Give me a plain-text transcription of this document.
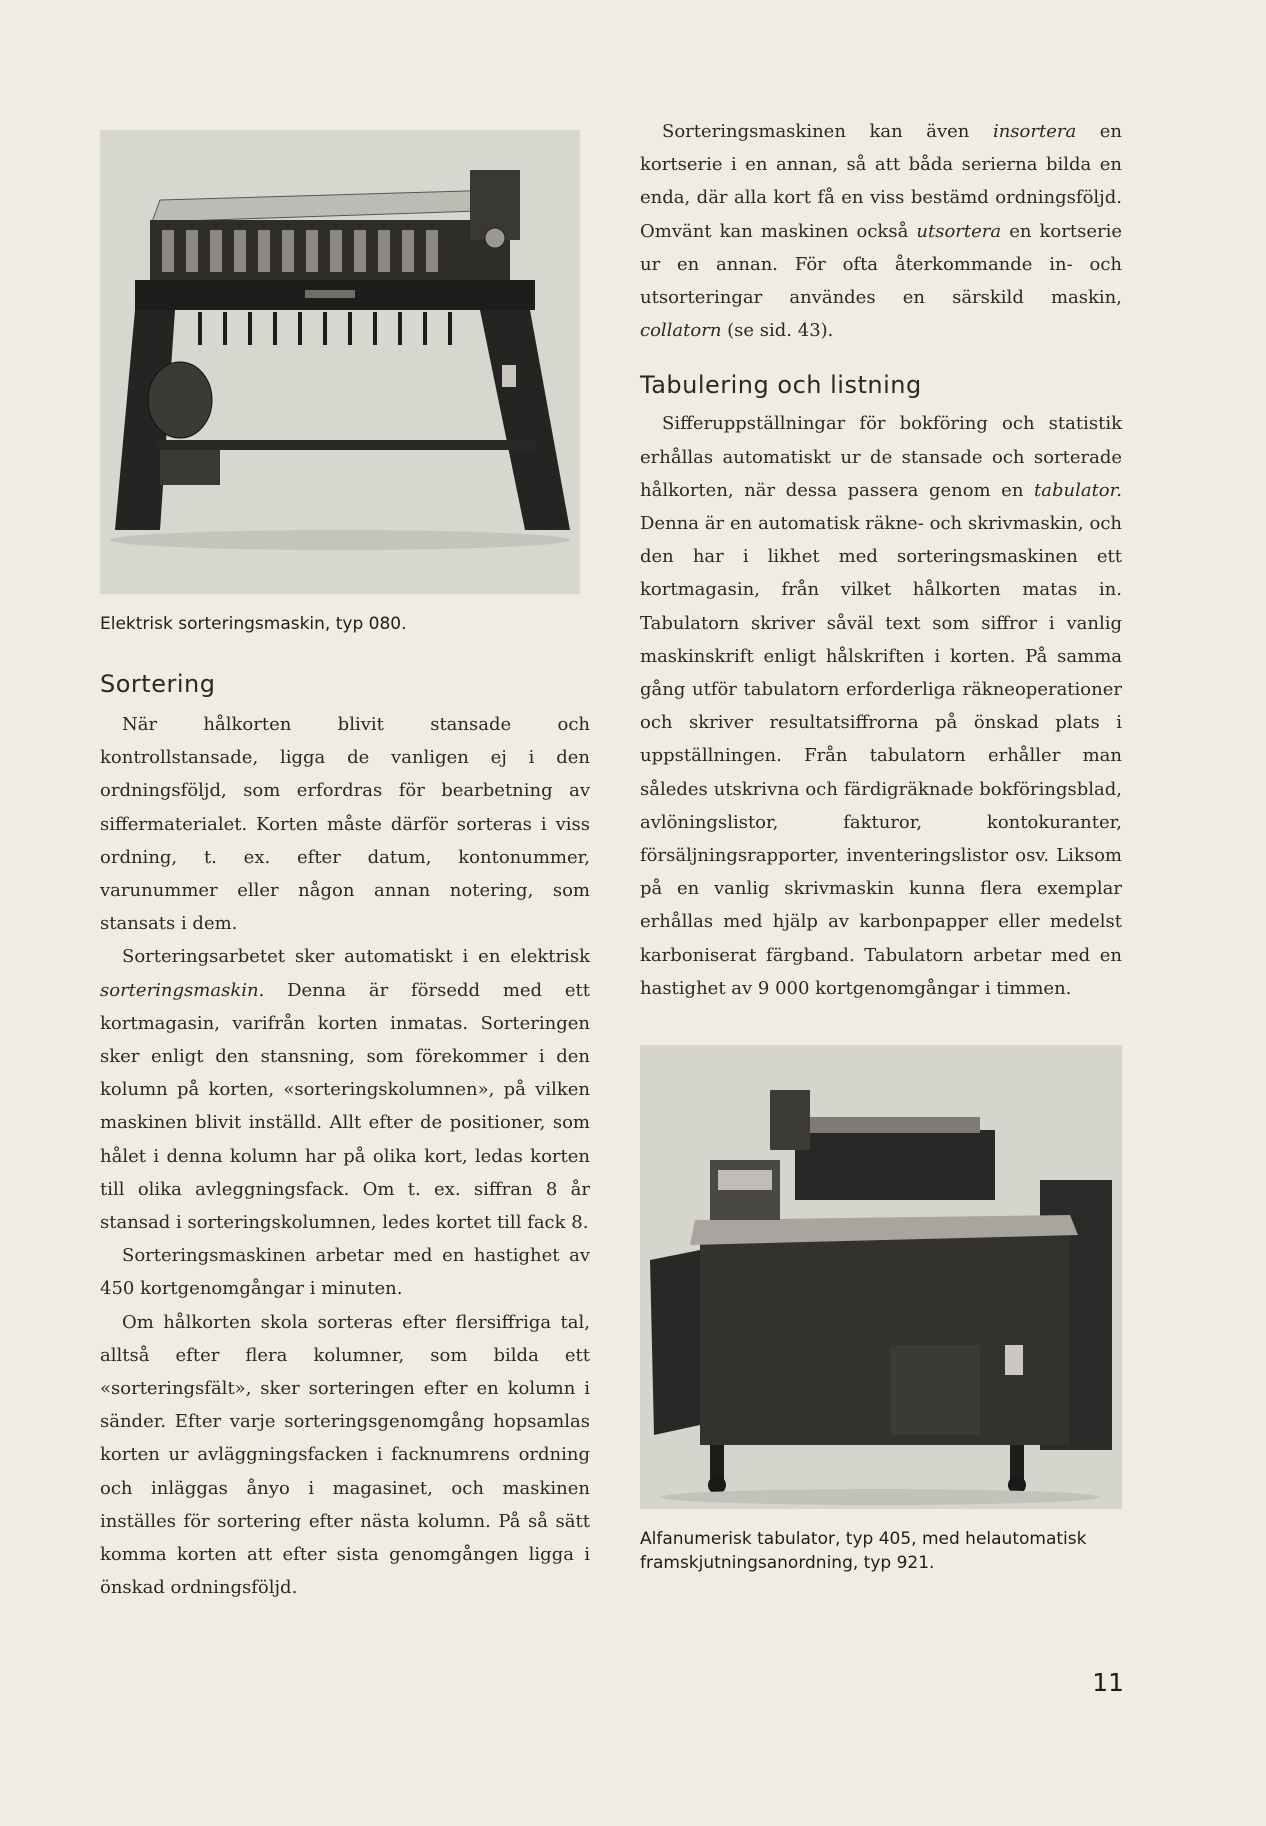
Elektrisk sorteringsmaskin, typ 080.
Sortering

När hålkorten blivit stansade och kontrollstansade, ligga de vanligen ej i den ordningsföljd, som erfordras för bearbetning av siffermaterialet. Korten måste därför sorteras i viss ordning, t. ex. efter datum, kontonummer, varunummer eller någon annan notering, som stansats i dem.

Sorteringsarbetet sker automatiskt i en elektrisk sorteringsmaskin. Denna är försedd med ett kortmagasin, varifrån korten inmatas. Sorteringen sker enligt den stansning, som förekommer i den kolumn på korten, «sorteringskolumnen», på vilken maskinen blivit inställd. Allt efter de positioner, som hålet i denna kolumn har på olika kort, ledas korten till olika avleggningsfack. Om t. ex. siffran 8 år stansad i sorteringskolumnen, ledes kortet till fack 8.

Sorteringsmaskinen arbetar med en hastighet av 450 kortgenomgångar i minuten.

Om hålkorten skola sorteras efter flersiffriga tal, alltså efter flera kolumner, som bilda ett «sorteringsfält», sker sorteringen efter en kolumn i sänder. Efter varje sorteringsgenomgång hopsamlas korten ur avläggningsfacken i facknumrens ordning och inläggas ånyo i magasinet, och maskinen inställes för sortering efter nästa kolumn. På så sätt komma korten att efter sista genomgången ligga i önskad ordningsföljd.

Sorteringsmaskinen kan även insortera en kortserie i en annan, så att båda serierna bilda en enda, där alla kort få en viss bestämd ordningsföljd. Omvänt kan maskinen också utsortera en kortserie ur en annan. För ofta återkommande in- och utsorteringar användes en särskild maskin, collatorn (se sid. 43).

Tabulering och listning

Sifferuppställningar för bokföring och statistik erhållas automatiskt ur de stansade och sorterade hålkorten, när dessa passera genom en tabulator. Denna är en automatisk räkne- och skrivmaskin, och den har i likhet med sorteringsmaskinen ett kortmagasin, från vilket hålkorten matas in. Tabulatorn skriver såväl text som siffror i vanlig maskinskrift enligt hålskriften i korten. På samma gång utför tabulatorn erforderliga räkneoperationer och skriver resultatsiffrorna på önskad plats i uppställningen. Från tabulatorn erhåller man således utskrivna och färdigräknade bokföringsblad, avlöningslistor, fakturor, kontokuranter, försäljningsrapporter, inventeringslistor osv. Liksom på en vanlig skrivmaskin kunna flera exemplar erhållas med hjälp av karbonpapper eller medelst karboniserat färgband. Tabulatorn arbetar med en hastighet av 9 000 kortgenomgångar i timmen.

Alfanumerisk tabulator, typ 405, med helautomatisk framskjutningsanordning, typ 921.
11
